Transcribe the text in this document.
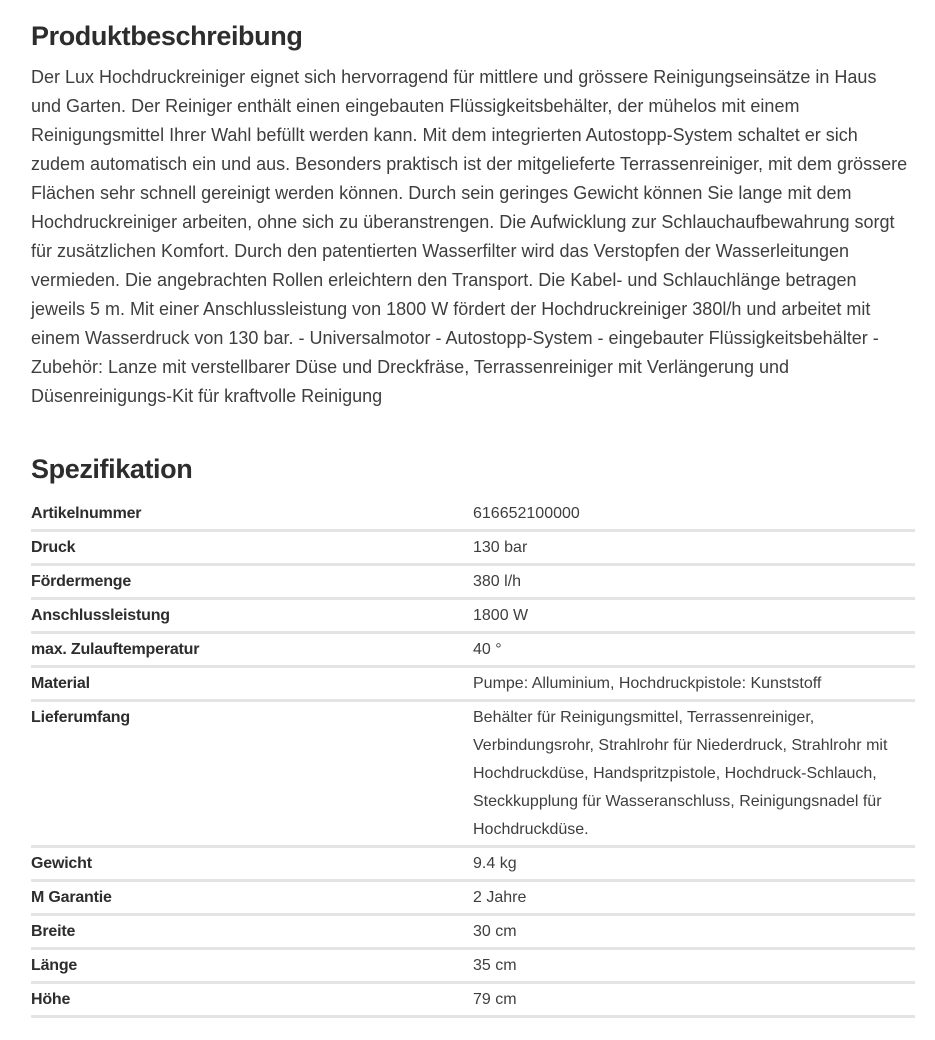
Produktbeschreibung

Der Lux Hochdruckreiniger eignet sich hervorragend für mittlere und grössere Reinigungseinsätze in Haus und Garten. Der Reiniger enthält einen eingebauten Flüssigkeitsbehälter, der mühelos mit einem Reinigungsmittel Ihrer Wahl befüllt werden kann. Mit dem integrierten Autostopp-System schaltet er sich zudem automatisch ein und aus. Besonders praktisch ist der mitgelieferte Terrassenreiniger, mit dem grössere Flächen sehr schnell gereinigt werden können. Durch sein geringes Gewicht können Sie lange mit dem Hochdruckreiniger arbeiten, ohne sich zu überanstrengen. Die Aufwicklung zur Schlauchaufbewahrung sorgt für zusätzlichen Komfort. Durch den patentierten Wasserfilter wird das Verstopfen der Wasserleitungen vermieden. Die angebrachten Rollen erleichtern den Transport. Die Kabel- und Schlauchlänge betragen jeweils 5 m. Mit einer Anschlussleistung von 1800 W fördert der Hochdruckreiniger 380l/h und arbeitet mit einem Wasserdruck von 130 bar. - Universalmotor - Autostopp-System - eingebauter Flüssigkeitsbehälter - Zubehör: Lanze mit verstellbarer Düse und Dreckfräse, Terrassenreiniger mit Verlängerung und Düsenreinigungs-Kit für kraftvolle Reinigung

Spezifikation
Artikelnummer	616652100000
Druck	130 bar
Fördermenge	380 l/h
Anschlussleistung	1800 W
max. Zulauftemperatur	40 °
Material	Pumpe: Alluminium, Hochdruckpistole: Kunststoff
Lieferumfang	Behälter für Reinigungsmittel, Terrassenreiniger, Verbindungsrohr, Strahlrohr für Niederdruck, Strahlrohr mit Hochdruckdüse, Handspritzpistole, Hochdruck-Schlauch, Steckkupplung für Wasseranschluss, Reinigungsnadel für Hochdruckdüse.
Gewicht	9.4 kg
M Garantie	2 Jahre
Breite	30 cm
Länge	35 cm
Höhe	79 cm
